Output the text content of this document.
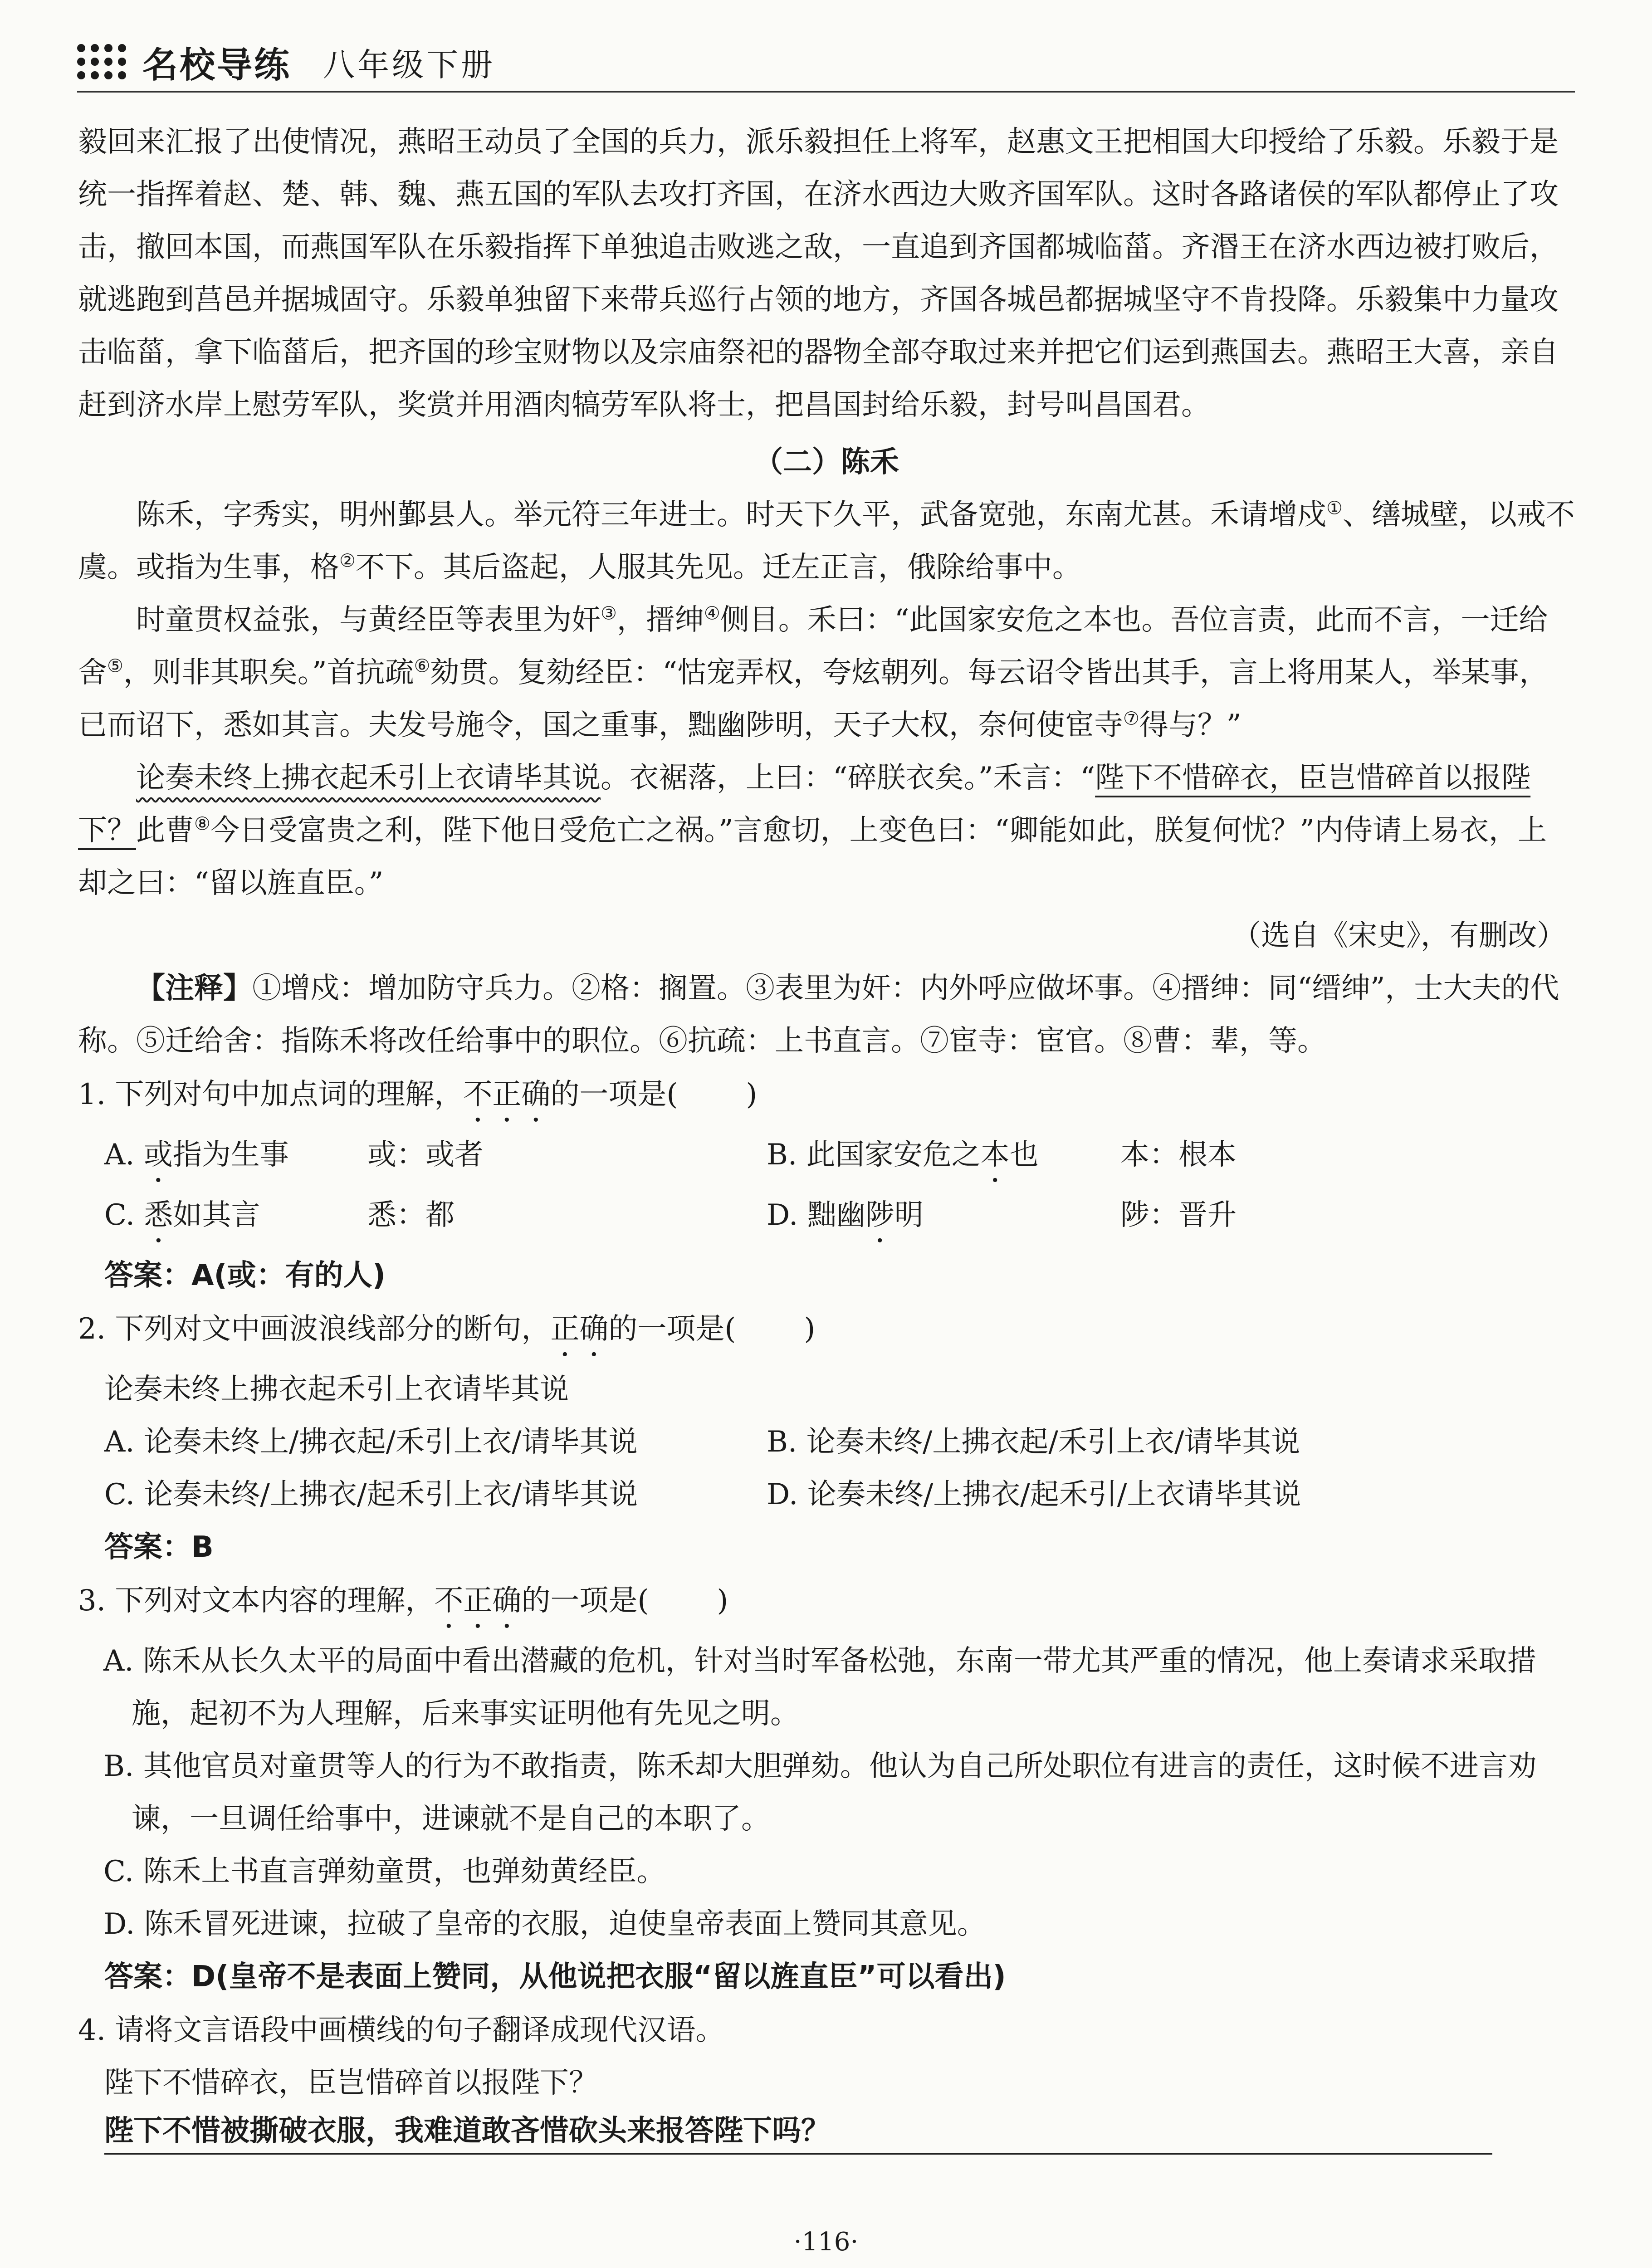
名校导练 八年级下册

毅回来汇报了出使情况，燕昭王动员了全国的兵力，派乐毅担任上将军，赵惠文王把相国大印授给了乐毅。乐毅于是统一指挥着赵、楚、韩、魏、燕五国的军队去攻打齐国，在济水西边大败齐国军队。这时各路诸侯的军队都停止了攻击，撤回本国，而燕国军队在乐毅指挥下单独追击败逃之敌，一直追到齐国都城临菑。齐湣王在济水西边被打败后，就逃跑到莒邑并据城固守。乐毅单独留下来带兵巡行占领的地方，齐国各城邑都据城坚守不肯投降。乐毅集中力量攻击临菑，拿下临菑后，把齐国的珍宝财物以及宗庙祭祀的器物全部夺取过来并把它们运到燕国去。燕昭王大喜，亲自赶到济水岸上慰劳军队，奖赏并用酒肉犒劳军队将士，把昌国封给乐毅，封号叫昌国君。

（二）陈禾

陈禾，字秀实，明州鄞县人。举元符三年进士。时天下久平，武备宽弛，东南尤甚。禾请增戍①、缮城壁，以戒不虞。或指为生事，格②不下。其后盗起，人服其先见。迁左正言，俄除给事中。

时童贯权益张，与黄经臣等表里为奸③，搢绅④侧目。禾曰：“此国家安危之本也。吾位言责，此而不言，一迁给舍⑤，则非其职矣。”首抗疏⑥劾贯。复劾经臣：“怙宠弄权，夸炫朝列。每云诏令皆出其手，言上将用某人，举某事，已而诏下，悉如其言。夫发号施令，国之重事，黜幽陟明，天子大权，奈何使宦寺⑦得与？”

论奏未终上拂衣起禾引上衣请毕其说。衣裾落，上曰：“碎朕衣矣。”禾言：“陛下不惜碎衣，臣岂惜碎首以报陛下？此曹⑧今日受富贵之利，陛下他日受危亡之祸。”言愈切，上变色曰：“卿能如此，朕复何忧？”内侍请上易衣，上却之曰：“留以旌直臣。”

（选自《宋史》，有删改）

【注释】①增戍：增加防守兵力。②格：搁置。③表里为奸：内外呼应做坏事。④搢绅：同“缙绅”，士大夫的代称。⑤迁给舍：指陈禾将改任给事中的职位。⑥抗疏：上书直言。⑦宦寺：宦官。⑧曹：辈，等。

1. 下列对句中加点词的理解，不正确的一项是( )

A. 或指为生事	或：或者	B. 此国家安危之本也	本：根本
C. 悉如其言	悉：都	D. 黜幽陟明	陟：晋升

答案：A(或：有的人)

2. 下列对文中画波浪线部分的断句，正确的一项是( )

论奏未终上拂衣起禾引上衣请毕其说

A. 论奏未终上/拂衣起/禾引上衣/请毕其说	B. 论奏未终/上拂衣起/禾引上衣/请毕其说
C. 论奏未终/上拂衣/起禾引上衣/请毕其说	D. 论奏未终/上拂衣/起禾引/上衣请毕其说

答案：B

3. 下列对文本内容的理解，不正确的一项是( )

A. 陈禾从长久太平的局面中看出潜藏的危机，针对当时军备松弛，东南一带尤其严重的情况，他上奏请求采取措施，起初不为人理解，后来事实证明他有先见之明。

B. 其他官员对童贯等人的行为不敢指责，陈禾却大胆弹劾。他认为自己所处职位有进言的责任，这时候不进言劝谏，一旦调任给事中，进谏就不是自己的本职了。

C. 陈禾上书直言弹劾童贯，也弹劾黄经臣。

D. 陈禾冒死进谏，拉破了皇帝的衣服，迫使皇帝表面上赞同其意见。

答案：D(皇帝不是表面上赞同，从他说把衣服“留以旌直臣”可以看出)

4. 请将文言语段中画横线的句子翻译成现代汉语。

陛下不惜碎衣，臣岂惜碎首以报陛下？

陛下不惜被撕破衣服，我难道敢吝惜砍头来报答陛下吗？

·116·
